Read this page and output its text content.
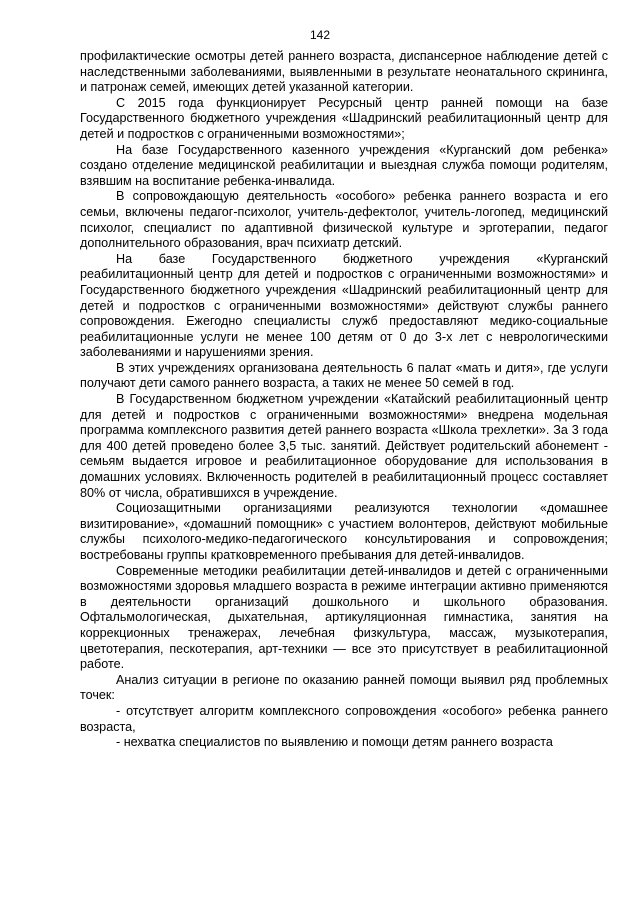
142

профилактические осмотры детей раннего возраста, диспансерное наблюдение детей с наследственными заболеваниями, выявленными в результате неонатального скрининга, и патронаж семей, имеющих детей указанной категории.

С 2015 года функционирует Ресурсный центр ранней помощи на базе Государственного бюджетного учреждения «Шадринский реабилитационный центр для детей и подростков с ограниченными возможностями»;

На базе Государственного казенного учреждения «Курганский дом ребенка» создано отделение медицинской реабилитации и выездная служба помощи родителям, взявшим на воспитание ребенка-инвалида.

В сопровождающую деятельность «особого» ребенка раннего возраста и его семьи, включены педагог-психолог, учитель-дефектолог, учитель-логопед, медицинский психолог, специалист по адаптивной физической культуре и эрготерапии, педагог дополнительного образования, врач психиатр детский.

На базе Государственного бюджетного учреждения «Курганский реабилитационный центр для детей и подростков с ограниченными возможностями» и Государственного бюджетного учреждения «Шадринский реабилитационный центр для детей и подростков с ограниченными возможностями» действуют службы раннего сопровождения. Ежегодно специалисты служб предоставляют медико-социальные реабилитационные услуги не менее 100 детям от 0 до 3-х лет с неврологическими заболеваниями и нарушениями зрения.

В этих учреждениях организована деятельность 6 палат «мать и дитя», где услуги получают дети самого раннего возраста, а таких не менее 50 семей в год.

В Государственном бюджетном учреждении «Катайский реабилитационный центр для детей и подростков с ограниченными возможностями» внедрена модельная программа комплексного развития детей раннего возраста «Школа трехлетки». За 3 года для 400 детей проведено более 3,5 тыс. занятий. Действует родительский абонемент - семьям выдается игровое и реабилитационное оборудование для использования в домашних условиях. Включенность родителей в реабилитационный процесс составляет 80% от числа, обратившихся в учреждение.

Социозащитными организациями реализуются технологии «домашнее визитирование», «домашний помощник» с участием волонтеров, действуют мобильные службы психолого-медико-педагогического консультирования и сопровождения; востребованы группы кратковременного пребывания для детей-инвалидов.

Современные методики реабилитации детей-инвалидов и детей с ограниченными возможностями здоровья младшего возраста в режиме интеграции активно применяются в деятельности организаций дошкольного и школьного образования. Офтальмологическая, дыхательная, артикуляционная гимнастика, занятия на коррекционных тренажерах, лечебная физкультура, массаж, музыкотерапия, цветотерапия, пескотерапия, арт-техники — все это присутствует в реабилитационной работе.

Анализ ситуации в регионе по оказанию ранней помощи выявил ряд проблемных точек:

- отсутствует алгоритм комплексного сопровождения «особого» ребенка раннего возраста,

- нехватка специалистов по выявлению и помощи детям раннего возраста
